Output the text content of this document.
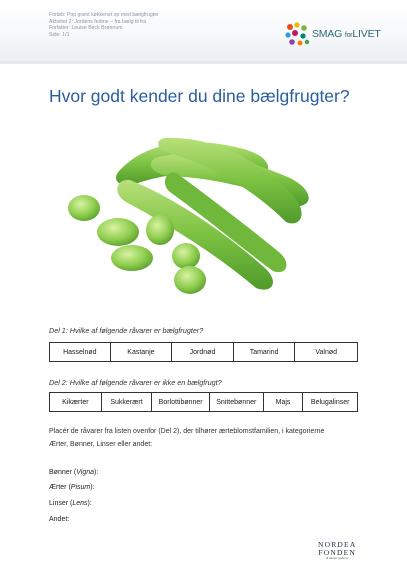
Forløb: Pop grønt køkkenet op med bælgfrugter
Aktivitet 2: Jordens fedme – fra bælg til fra
Forfatter: Louise Beck Brønnum
Side: 1/1	SMAG forLIVET
Hvor godt kender du dine bælgfrugter?
Del 1: Hvilke af følgende råvarer er bælgfrugter?
Hasselnød	Kastanje	Jordnød	Tamarind	Valnød
Del 2: Hvilke af følgende råvarer er ikke en bælgfrugt?
Kikærter	Sukkerært	Borlottibønner	Snittebønner	Majs	Belugalinser
Placér de råvarer fra listen ovenfor (Del 2), der tilhører ærteblomstfamilien, i kategorierne
Ærter, Bønner, Linser eller andet:
Bønner (Vigna):
Ærter (Pisum):
Linser (Lens):
Andet:
NORDEA
FONDEN
til almen gode liv
